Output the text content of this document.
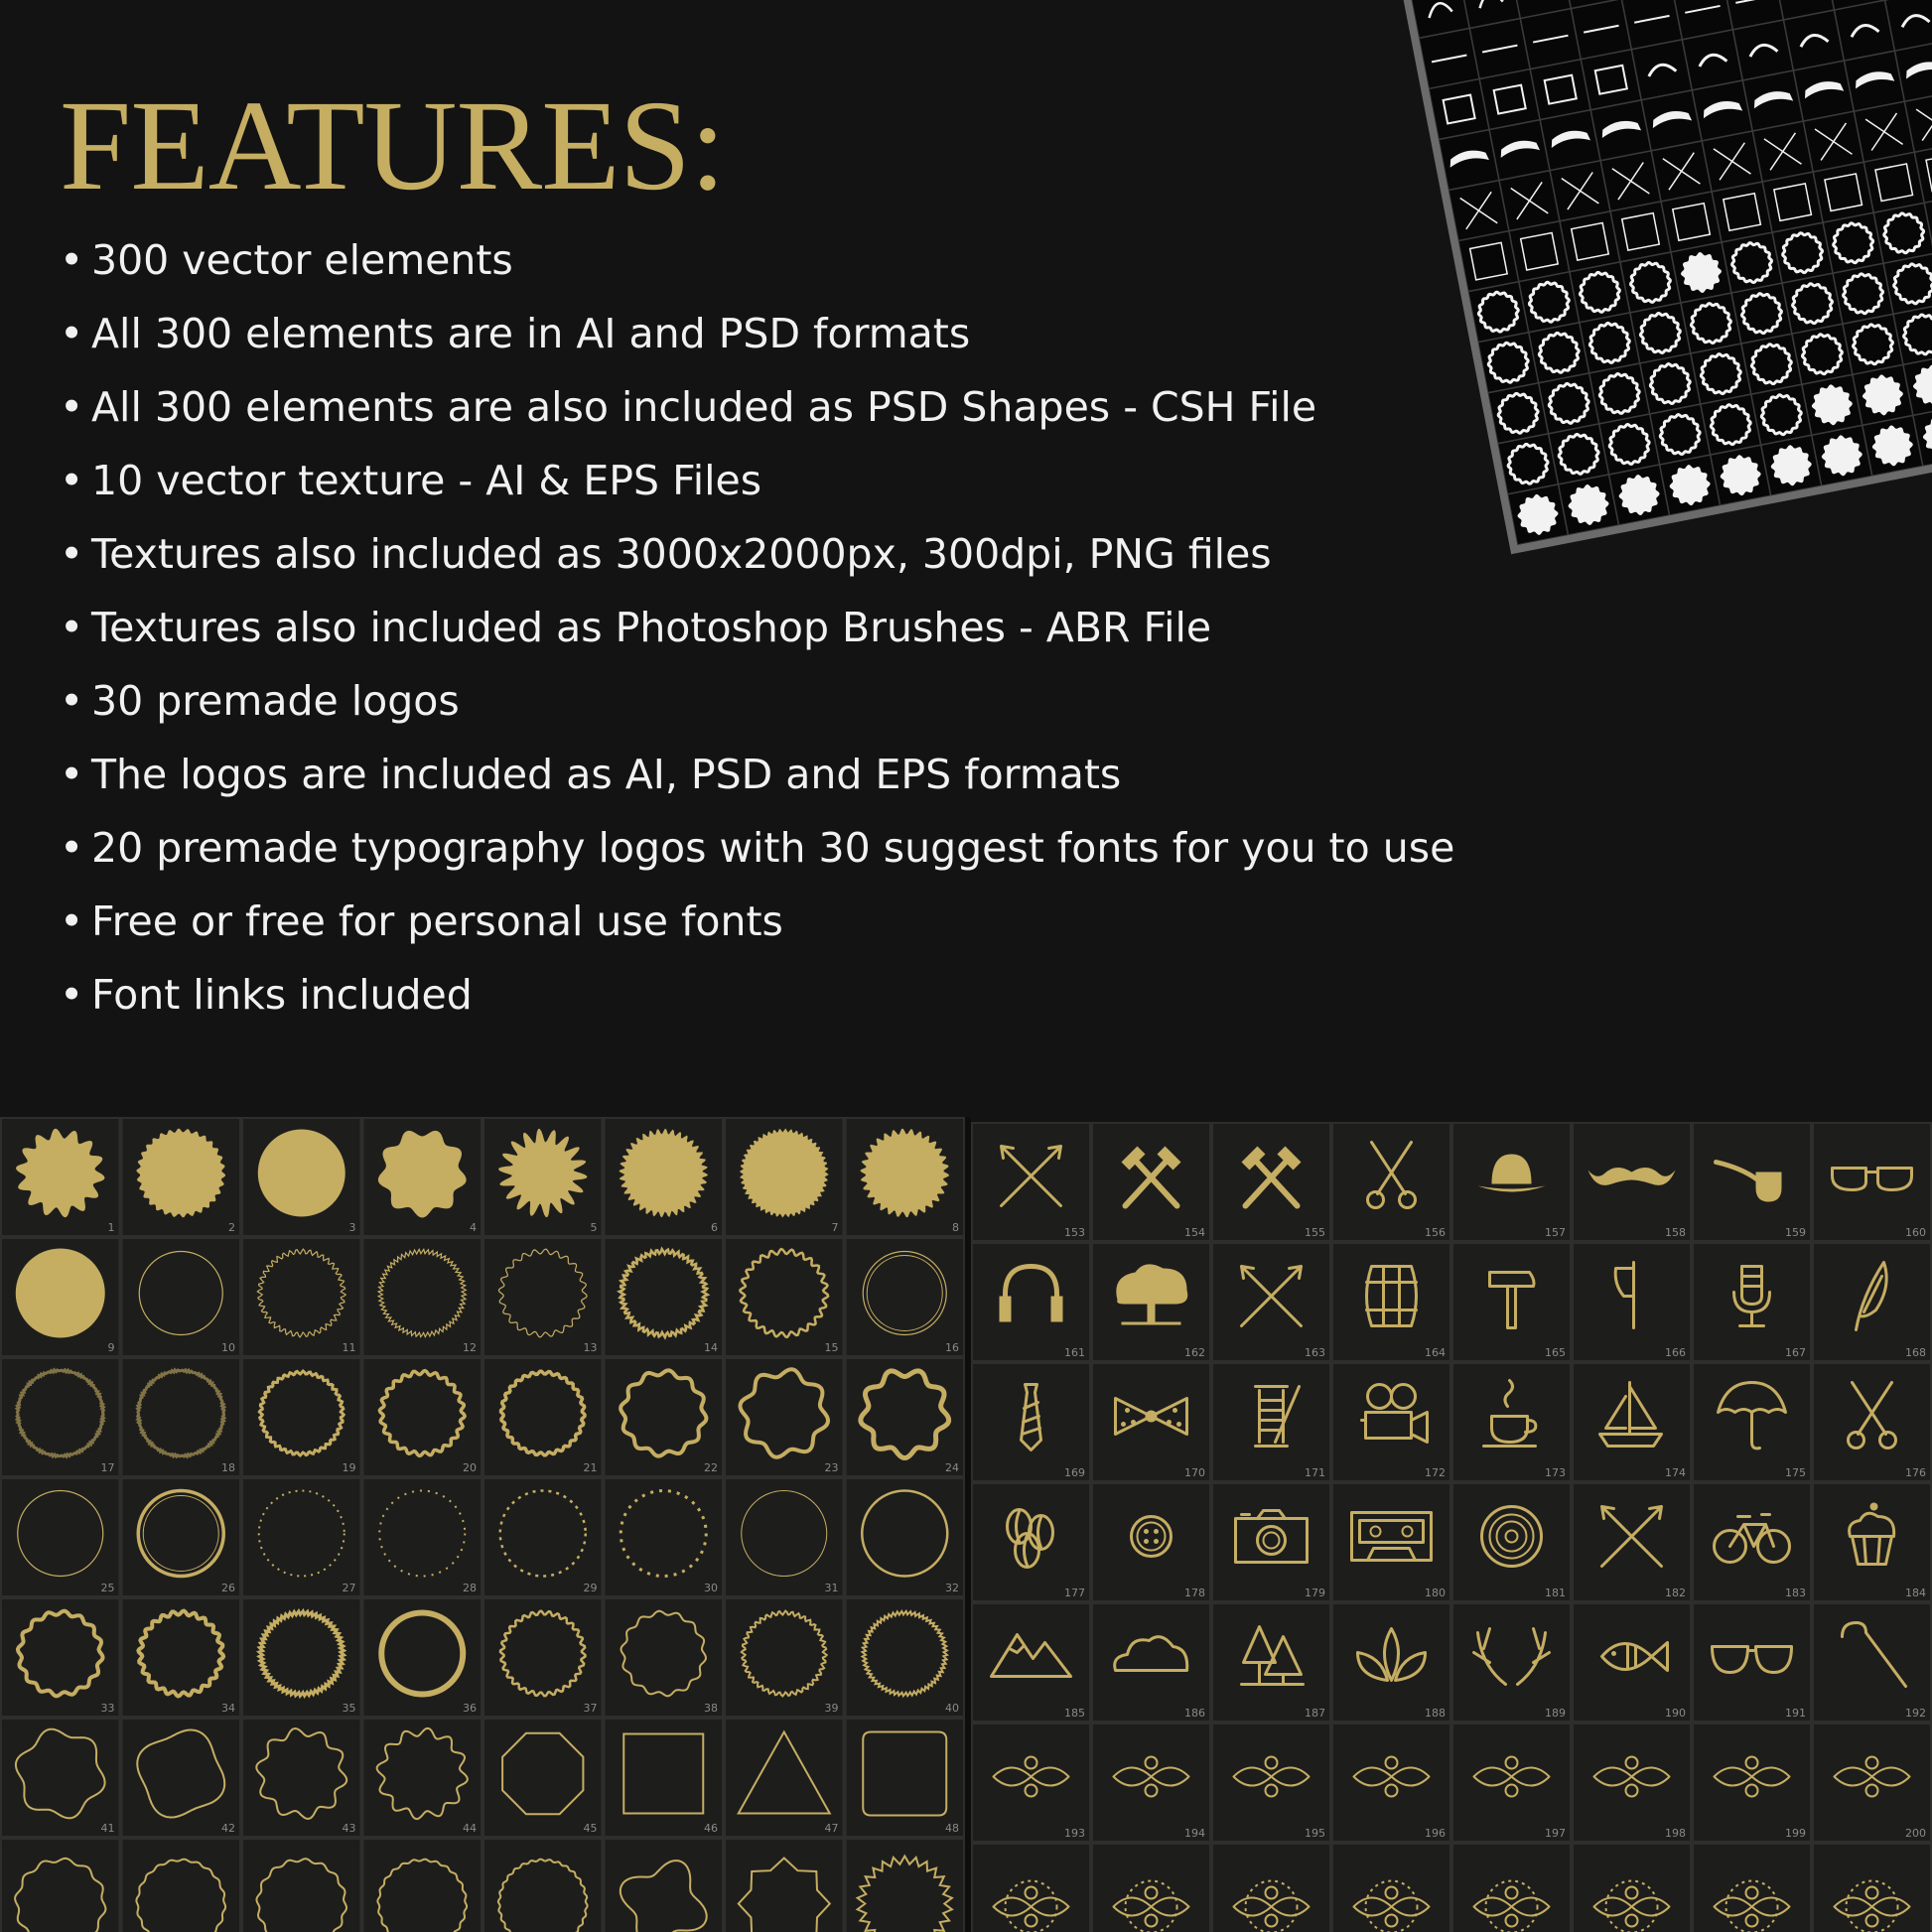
FEATURES:
• 300 vector elements
• All 300 elements are in AI and PSD formats
• All 300 elements are also included as PSD Shapes - CSH File
• 10 vector texture - AI & EPS Files
• Textures also included as 3000x2000px, 300dpi, PNG files
• Textures also included as Photoshop Brushes - ABR File
• 30 premade logos
• The logos are included as AI, PSD and EPS formats
• 20 premade typography logos with 30 suggest fonts for you to use
• Free or free for personal use fonts
• Font links included
1	2	3	4	5	6	7	8
9	10	11	12	13	14	15	16
17	18	19	20	21	22	23	24
25	26	27	28	29	30	31	32
33	34	35	36	37	38	39	40
41	42	43	44	45	46	47	48
153	154	155	156	157	158	159	160
161	162	163	164	165	166	167	168
169	170	171	172	173	174	175	176
177	178	179	180	181	182	183	184
185	186	187	188	189	190	191	192
193	194	195	196	197	198	199	200
